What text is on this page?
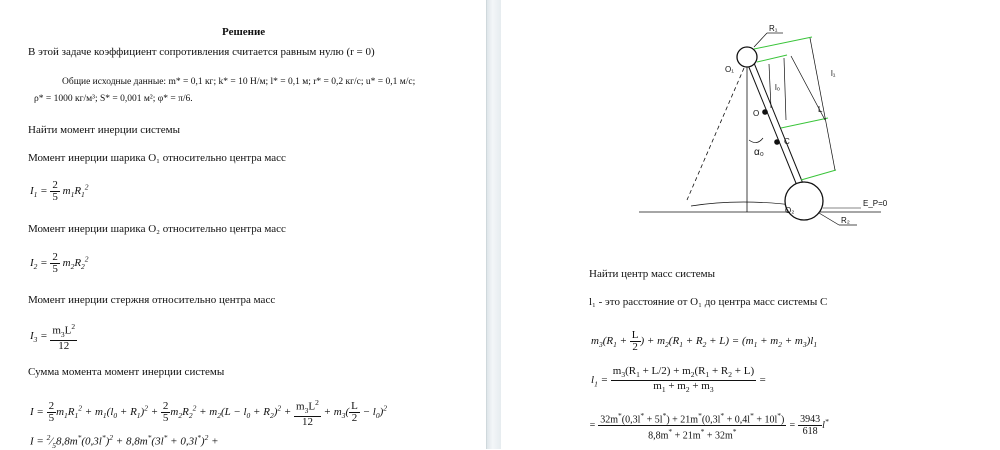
Решение
В этой задаче коэффициент сопротивления считается равным нулю (r = 0)
Общие исходные данные: m* = 0,1 кг; k* = 10 Н/м; l* = 0,1 м; r* = 0,2 кг/с; u* = 0,1 м/с;
ρ* = 1000 кг/м³; S* = 0,001 м²; φ* = π/6.
Найти момент инерции системы
Момент инерции шарика O₁ относительно центра масс
$I_1 = \frac{2}{5} m_1R_1^2$
Момент инерции шарика O₂ относительно центра масс
$I_2 = \frac{2}{5} m_2R_2^2$
Момент инерции стержня относительно центра масс
$I_3 = \frac{m_3L^2}{12}$
Сумма момента момент инерции системы
$I = \frac{2}{5} m_1R_1^2 + m_1(l_0 + R_1)^2 + \frac{2}{5} m_2R_2^2 + m_2(L - l_0 + R_2)^2 + \frac{m_3L^2}{12} + m_3( \frac{L}{2} - l_0)^2$
$I = ^2⁄_58,8m^*(0,3l^*)^2 + 8,8m^*(3l^* + 0,3l^*)^2$ +
R₁
O₁
l₀
l₁
L
O
C
α₀
E_P=0
O₂
R₂
Найти центр масс системы
l₁ - это расстояние от O₁ до центра масс системы C
$m_3(R_1 + \frac{L}{2}$ ) + $m_2(R_1 + R_2 + L) = (m_1 + m_2 + m_3)l_1$
$l_1 = \frac{m_3(R_1 + L/2) + m_2(R_1 + R_2 + L)}{m_1 + m_2 + m_3}$ =
= $\frac{32m^*(0,3l^* + 5l^*) + 21m^*(0,3l^* + 0,4l^* + 10l^*)}{8,8m^* + 21m^* + 32m^*} = \frac{3943}{618} l^*$
